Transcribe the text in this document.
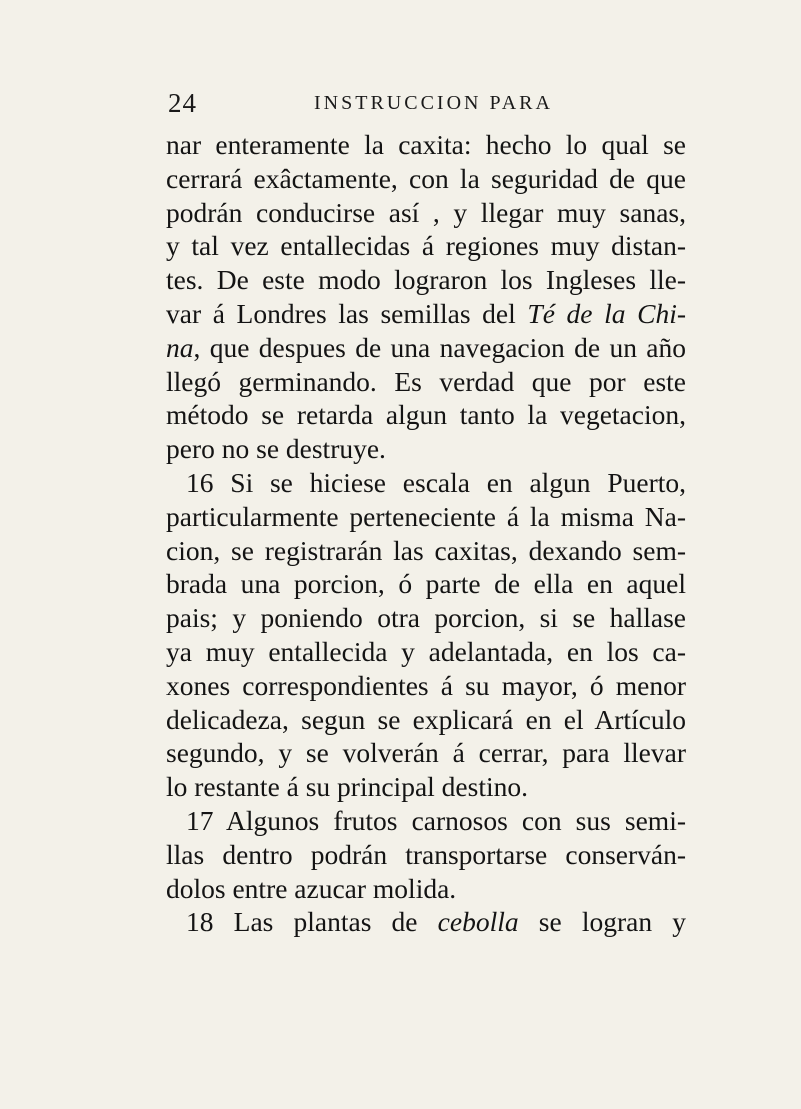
24	INSTRUCCION PARA
nar enteramente la caxita: hecho lo qual se
cerrará exâctamente, con la seguridad de que
podrán conducirse así , y llegar muy sanas,
y tal vez entallecidas á regiones muy distan-
tes. De este modo lograron los Ingleses lle-
var á Londres las semillas del Té de la Chi-
na, que despues de una navegacion de un año
llegó germinando. Es verdad que por este
método se retarda algun tanto la vegetacion,
pero no se destruye.
16 Si se hiciese escala en algun Puerto,
particularmente perteneciente á la misma Na-
cion, se registrarán las caxitas, dexando sem-
brada una porcion, ó parte de ella en aquel
pais; y poniendo otra porcion, si se hallase
ya muy entallecida y adelantada, en los ca-
xones correspondientes á su mayor, ó menor
delicadeza, segun se explicará en el Artículo
segundo, y se volverán á cerrar, para llevar
lo restante á su principal destino.
17 Algunos frutos carnosos con sus semi-
llas dentro podrán transportarse conserván-
dolos entre azucar molida.
18 Las plantas de cebolla se logran y
